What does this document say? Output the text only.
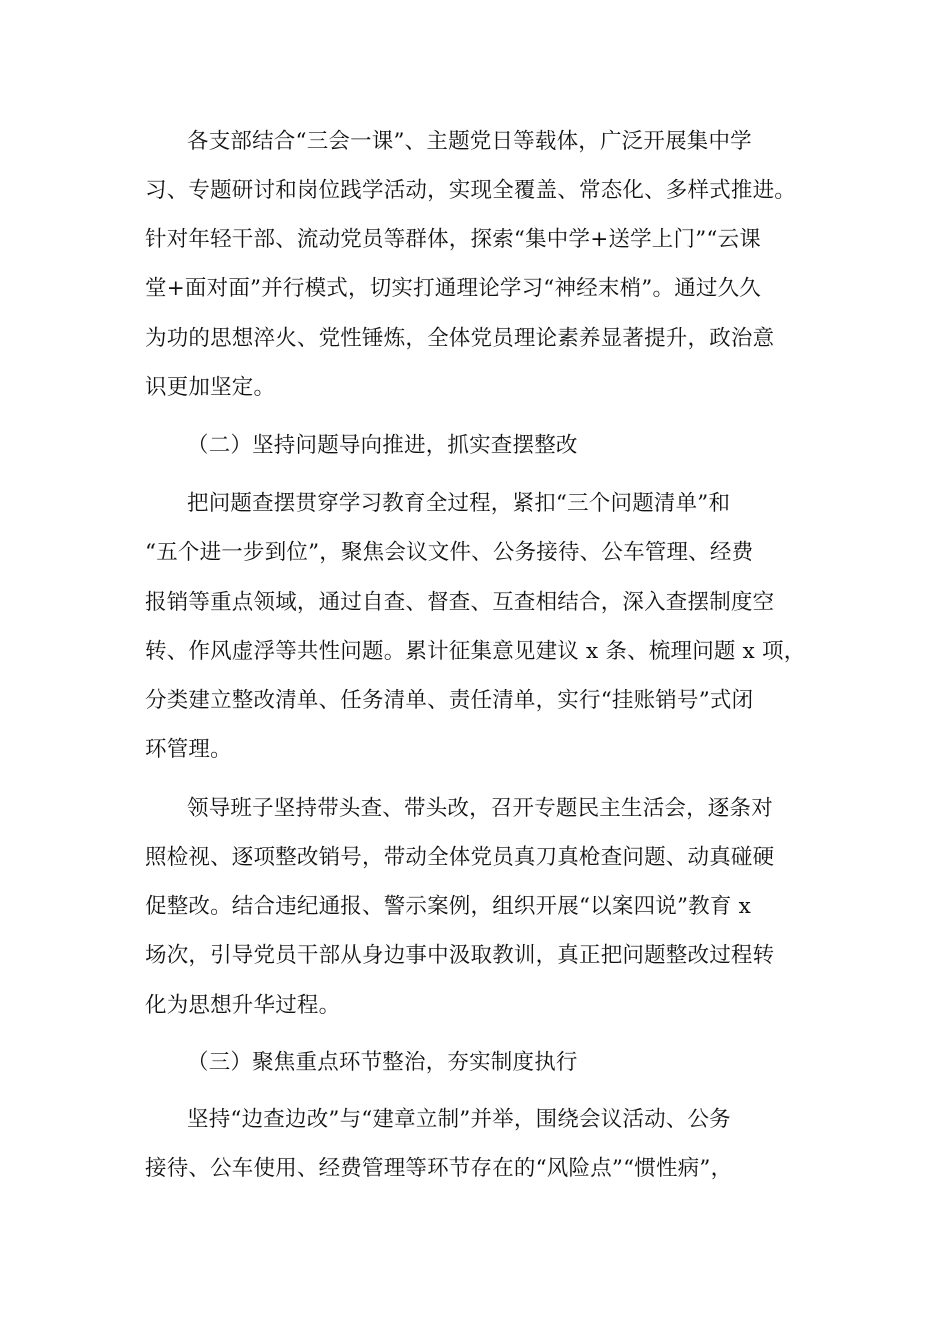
各支部结合“三会一课”、主题党日等载体，广泛开展集中学
习、专题研讨和岗位践学活动，实现全覆盖、常态化、多样式推进。
针对年轻干部、流动党员等群体，探索“集中学+送学上门”“云课
堂+面对面”并行模式，切实打通理论学习“神经末梢”。通过久久
为功的思想淬火、党性锤炼，全体党员理论素养显著提升，政治意
识更加坚定。
（二）坚持问题导向推进，抓实查摆整改
把问题查摆贯穿学习教育全过程，紧扣“三个问题清单”和
“五个进一步到位”，聚焦会议文件、公务接待、公车管理、经费
报销等重点领域，通过自查、督查、互查相结合，深入查摆制度空
转、作风虚浮等共性问题。累计征集意见建议 x 条、梳理问题 x 项，
分类建立整改清单、任务清单、责任清单，实行“挂账销号”式闭
环管理。
领导班子坚持带头查、带头改，召开专题民主生活会，逐条对
照检视、逐项整改销号，带动全体党员真刀真枪查问题、动真碰硬
促整改。结合违纪通报、警示案例，组织开展“以案四说”教育 x
场次，引导党员干部从身边事中汲取教训，真正把问题整改过程转
化为思想升华过程。
（三）聚焦重点环节整治，夯实制度执行
坚持“边查边改”与“建章立制”并举，围绕会议活动、公务
接待、公车使用、经费管理等环节存在的“风险点”“惯性病”，
